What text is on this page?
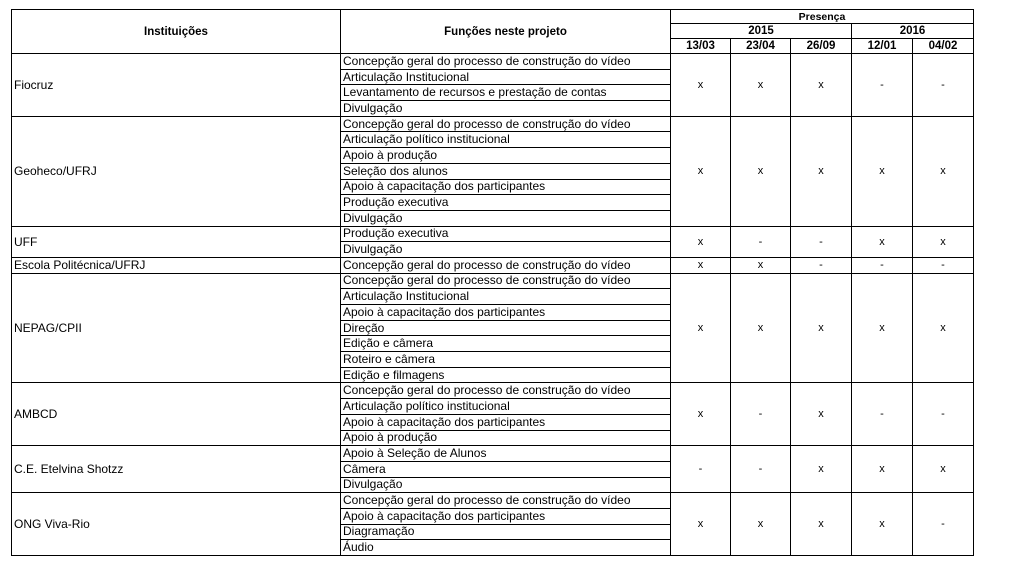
Instituições	Funções neste projeto	Presença				
		2015			2016	
		13/03	23/04	26/09	12/01	04/02
Fiocruz	Concepção geral do processo de construção do vídeo	x	x	x	-	-
	Articulação Institucional					
	Levantamento de recursos e prestação de contas					
	Divulgação					
Geoheco/UFRJ	Concepção geral do processo de construção do vídeo	x	x	x	x	x
	Articulação político institucional					
	Apoio à produção					
	Seleção dos alunos					
	Apoio à capacitação dos participantes					
	Produção executiva					
	Divulgação					
UFF	Produção executiva	x	-	-	x	x
	Divulgação					
Escola Politécnica/UFRJ	Concepção geral do processo de construção do vídeo	x	x	-	-	-
NEPAG/CPII	Concepção geral do processo de construção do vídeo	x	x	x	x	x
	Articulação Institucional					
	Apoio à capacitação dos participantes					
	Direção					
	Edição e câmera					
	Roteiro e câmera					
	Edição e filmagens					
AMBCD	Concepção geral do processo de construção do vídeo	x	-	x	-	-
	Articulação político institucional					
	Apoio à capacitação dos participantes					
	Apoio à produção					
C.E. Etelvina Shotzz	Apoio à Seleção de Alunos	-	-	x	x	x
	Câmera					
	Divulgação					
ONG Viva-Rio	Concepção geral do processo de construção do vídeo	x	x	x	x	-
	Apoio à capacitação dos participantes					
	Diagramação					
	Áudio					
